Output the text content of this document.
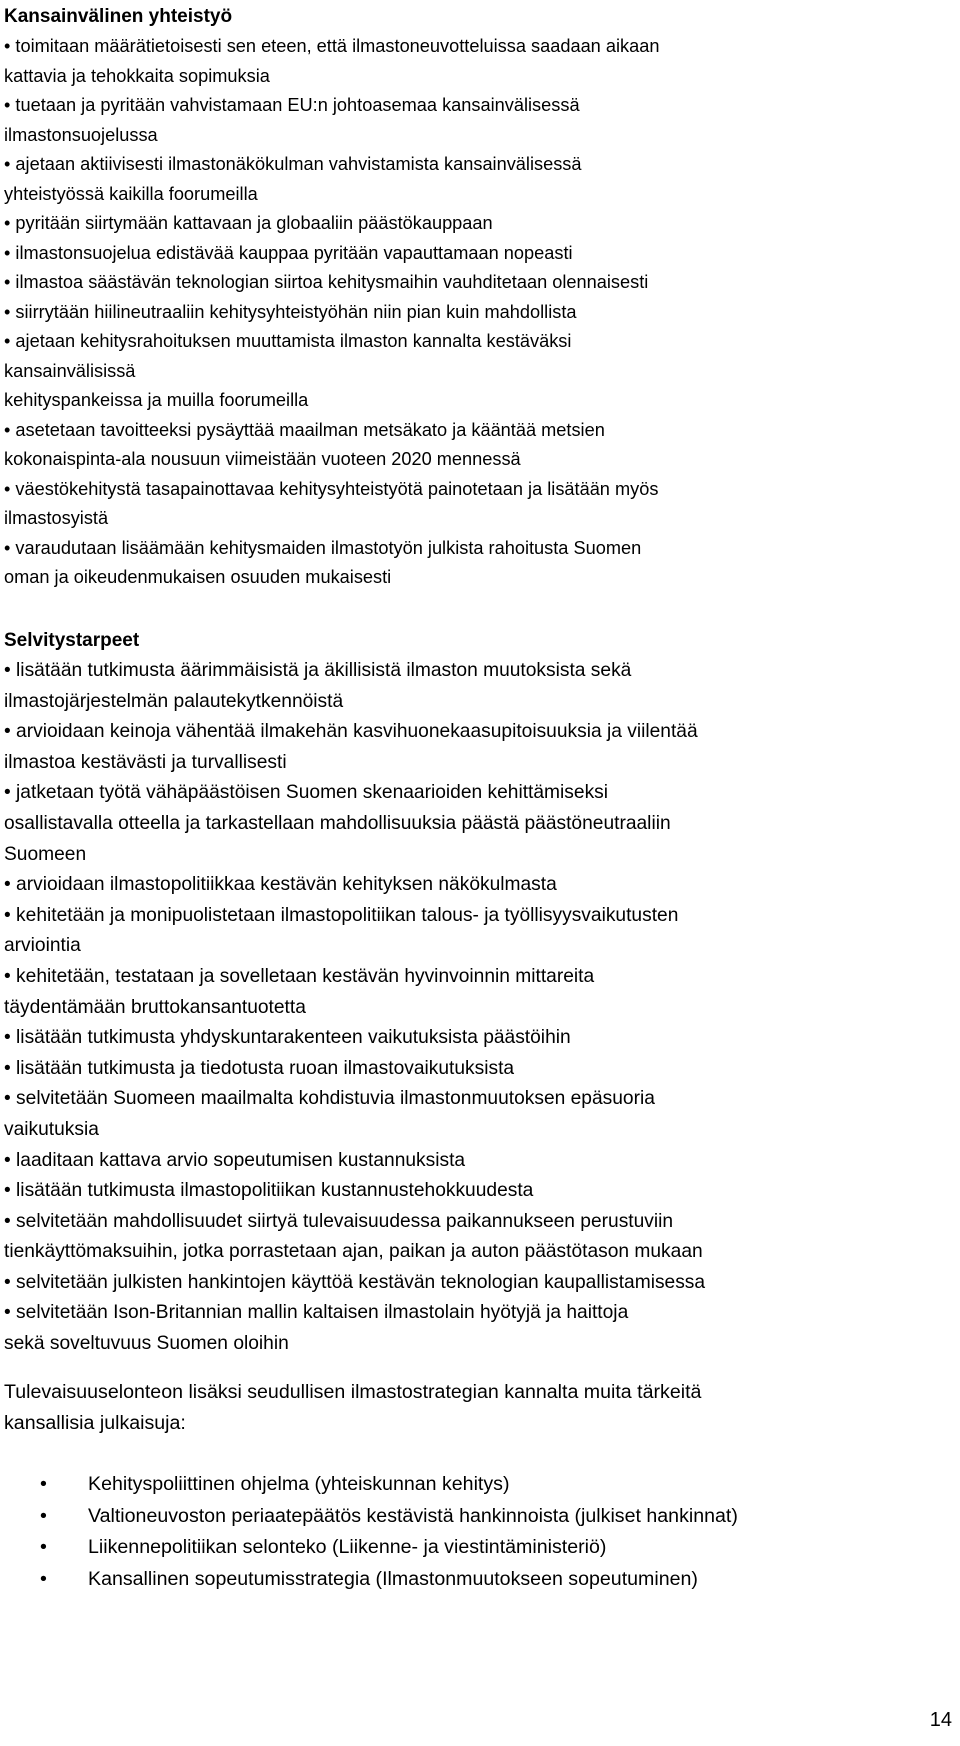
Kansainvälinen yhteistyö
• toimitaan määrätietoisesti sen eteen, että ilmastoneuvotteluissa saadaan aikaan
kattavia ja tehokkaita sopimuksia
• tuetaan ja pyritään vahvistamaan EU:n johtoasemaa kansainvälisessä
ilmastonsuojelussa
• ajetaan aktiivisesti ilmastonäkökulman vahvistamista kansainvälisessä
yhteistyössä kaikilla foorumeilla
• pyritään siirtymään kattavaan ja globaaliin päästökauppaan
• ilmastonsuojelua edistävää kauppaa pyritään vapauttamaan nopeasti
• ilmastoa säästävän teknologian siirtoa kehitysmaihin vauhditetaan olennaisesti
• siirrytään hiilineutraaliin kehitysyhteistyöhän niin pian kuin mahdollista
• ajetaan kehitysrahoituksen muuttamista ilmaston kannalta kestäväksi
kansainvälisissä
kehityspankeissa ja muilla foorumeilla
• asetetaan tavoitteeksi pysäyttää maailman metsäkato ja kääntää metsien
kokonaispinta-ala nousuun viimeistään vuoteen 2020 mennessä
• väestökehitystä tasapainottavaa kehitysyhteistyötä painotetaan ja lisätään myös
ilmastosyistä
• varaudutaan lisäämään kehitysmaiden ilmastotyön julkista rahoitusta Suomen
oman ja oikeudenmukaisen osuuden mukaisesti
Selvitystarpeet
• lisätään tutkimusta äärimmäisistä ja äkillisistä ilmaston muutoksista sekä
ilmastojärjestelmän palautekytkennöistä
• arvioidaan keinoja vähentää ilmakehän kasvihuonekaasupitoisuuksia ja viilentää
ilmastoa kestävästi ja turvallisesti
• jatketaan työtä vähäpäästöisen Suomen skenaarioiden kehittämiseksi
osallistavalla otteella ja tarkastellaan mahdollisuuksia päästä päästöneutraaliin
Suomeen
• arvioidaan ilmastopolitiikkaa kestävän kehityksen näkökulmasta
• kehitetään ja monipuolistetaan ilmastopolitiikan talous- ja työllisyysvaikutusten
arviointia
• kehitetään, testataan ja sovelletaan kestävän hyvinvoinnin mittareita
täydentämään bruttokansantuotetta
• lisätään tutkimusta yhdyskuntarakenteen vaikutuksista päästöihin
• lisätään tutkimusta ja tiedotusta ruoan ilmastovaikutuksista
• selvitetään Suomeen maailmalta kohdistuvia ilmastonmuutoksen epäsuoria
vaikutuksia
• laaditaan kattava arvio sopeutumisen kustannuksista
• lisätään tutkimusta ilmastopolitiikan kustannustehokkuudesta
• selvitetään mahdollisuudet siirtyä tulevaisuudessa paikannukseen perustuviin
tienkäyttömaksuihin, jotka porrastetaan ajan, paikan ja auton päästötason mukaan
• selvitetään julkisten hankintojen käyttöä kestävän teknologian kaupallistamisessa
• selvitetään Ison-Britannian mallin kaltaisen ilmastolain hyötyjä ja haittoja
sekä soveltuvuus Suomen oloihin
Tulevaisuuselonteon lisäksi seudullisen ilmastostrategian kannalta muita tärkeitä
kansallisia julkaisuja:
• Kehityspoliittinen ohjelma (yhteiskunnan kehitys)
• Valtioneuvoston periaatepäätös kestävistä hankinnoista (julkiset hankinnat)
• Liikennepolitiikan selonteko (Liikenne- ja viestintäministeriö)
• Kansallinen sopeutumisstrategia (Ilmastonmuutokseen sopeutuminen)
14
